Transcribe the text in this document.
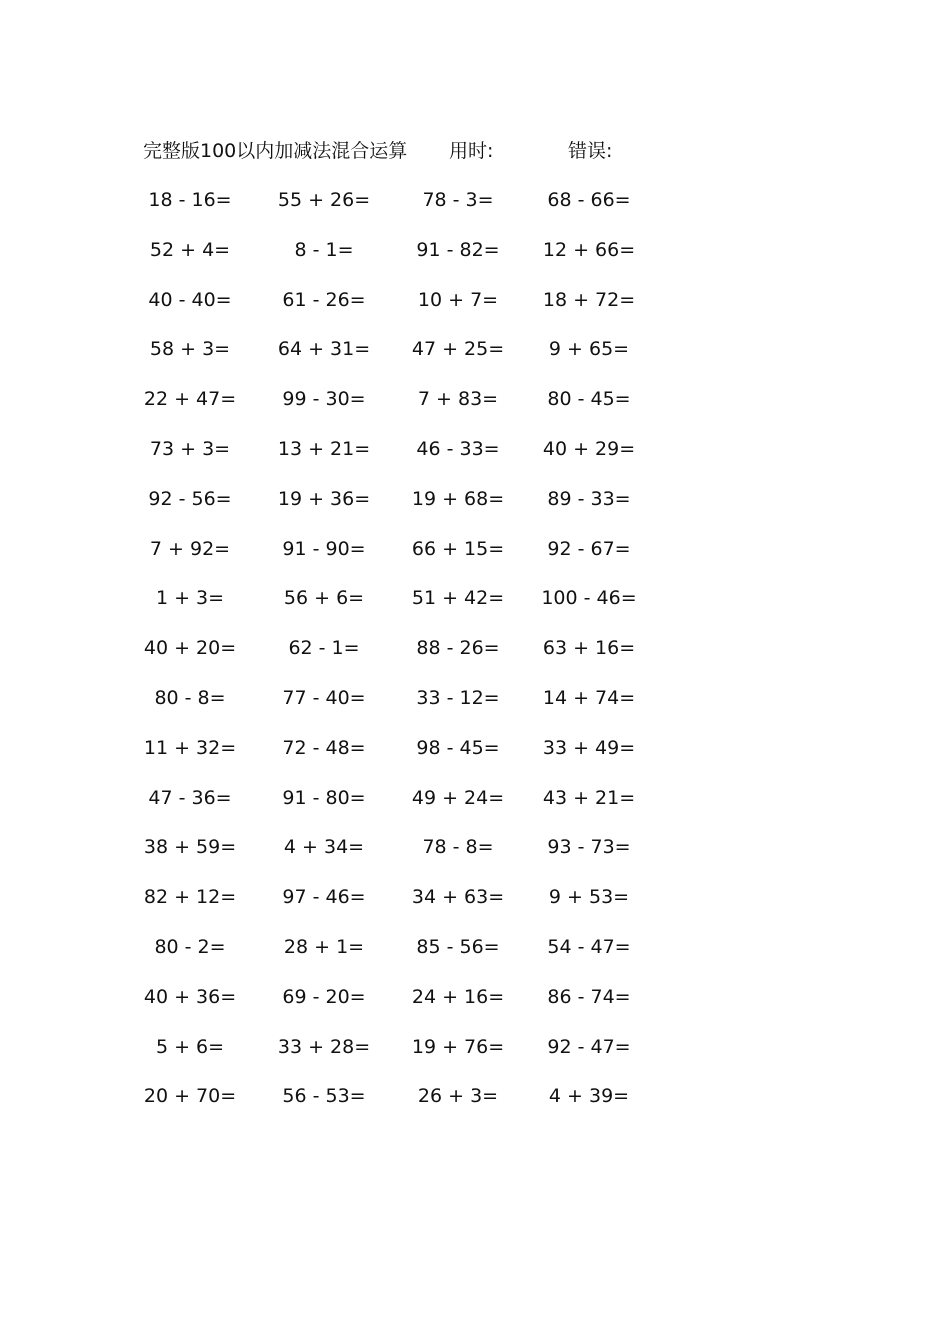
完整版100以内加减法混合运算 用时:	错误:
18 - 16=	55 + 26=	78 - 3=	68 - 66=
52 + 4=	8 - 1=	91 - 82=	12 + 66=
40 - 40=	61 - 26=	10 + 7=	18 + 72=
58 + 3=	64 + 31=	47 + 25=	9 + 65=
22 + 47=	99 - 30=	7 + 83=	80 - 45=
73 + 3=	13 + 21=	46 - 33=	40 + 29=
92 - 56=	19 + 36=	19 + 68=	89 - 33=
7 + 92=	91 - 90=	66 + 15=	92 - 67=
1 + 3=	56 + 6=	51 + 42=	100 - 46=
40 + 20=	62 - 1=	88 - 26=	63 + 16=
80 - 8=	77 - 40=	33 - 12=	14 + 74=
11 + 32=	72 - 48=	98 - 45=	33 + 49=
47 - 36=	91 - 80=	49 + 24=	43 + 21=
38 + 59=	4 + 34=	78 - 8=	93 - 73=
82 + 12=	97 - 46=	34 + 63=	9 + 53=
80 - 2=	28 + 1=	85 - 56=	54 - 47=
40 + 36=	69 - 20=	24 + 16=	86 - 74=
5 + 6=	33 + 28=	19 + 76=	92 - 47=
20 + 70=	56 - 53=	26 + 3=	4 + 39=
